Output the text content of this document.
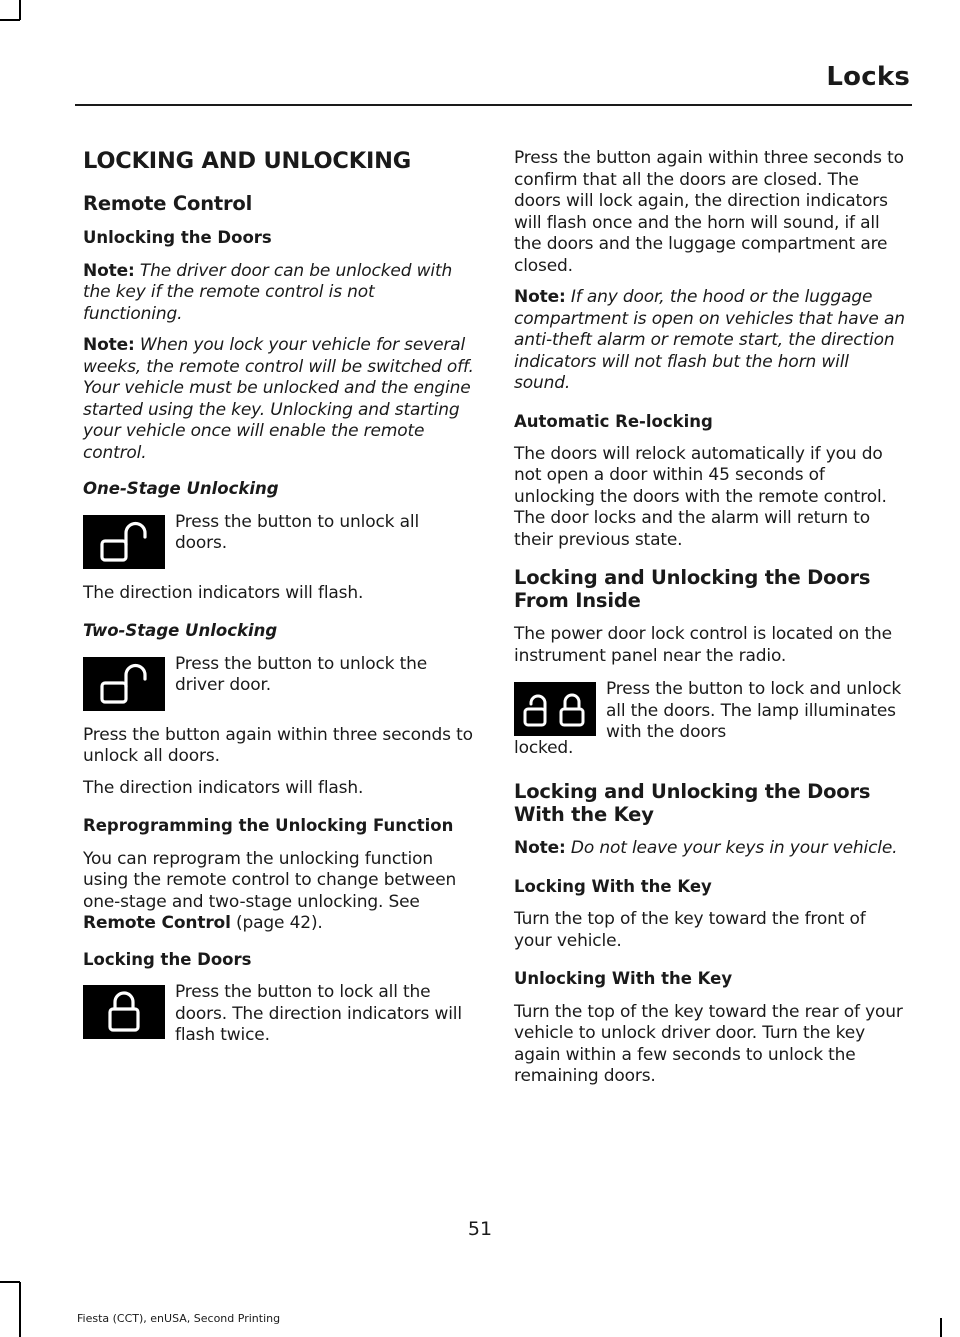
Locks
LOCKING AND UNLOCKING
Remote Control
Unlocking the Doors

Note: The driver door can be unlocked with the key if the remote control is not functioning.

Note: When you lock your vehicle for several weeks, the remote control will be switched off. Your vehicle must be unlocked and the engine started using the key. Unlocking and starting your vehicle once will enable the remote control.

One-Stage Unlocking

Press the button to unlock all doors.

The direction indicators will flash.

Two-Stage Unlocking

Press the button to unlock the driver door.

Press the button again within three seconds to unlock all doors.

The direction indicators will flash.

Reprogramming the Unlocking Function

You can reprogram the unlocking function using the remote control to change between one-stage and two-stage unlocking. See Remote Control (page 42).

Locking the Doors

Press the button to lock all the doors. The direction indicators will flash twice.

Press the button again within three seconds to confirm that all the doors are closed. The doors will lock again, the direction indicators will flash once and the horn will sound, if all the doors and the luggage compartment are closed.

Note: If any door, the hood or the luggage compartment is open on vehicles that have an anti-theft alarm or remote start, the direction indicators will not flash but the horn will sound.

Automatic Re-locking

The doors will relock automatically if you do not open a door within 45 seconds of unlocking the doors with the remote control. The door locks and the alarm will return to their previous state.

Locking and Unlocking the Doors From Inside

The power door lock control is located on the instrument panel near the radio.

Press the button to lock and unlock all the doors. The lamp illuminates with the doors

locked.

Locking and Unlocking the Doors With the Key

Note: Do not leave your keys in your vehicle.

Locking With the Key

Turn the top of the key toward the front of your vehicle.

Unlocking With the Key

Turn the top of the key toward the rear of your vehicle to unlock driver door. Turn the key again within a few seconds to unlock the remaining doors.

51
Fiesta (CCT), enUSA, Second Printing
